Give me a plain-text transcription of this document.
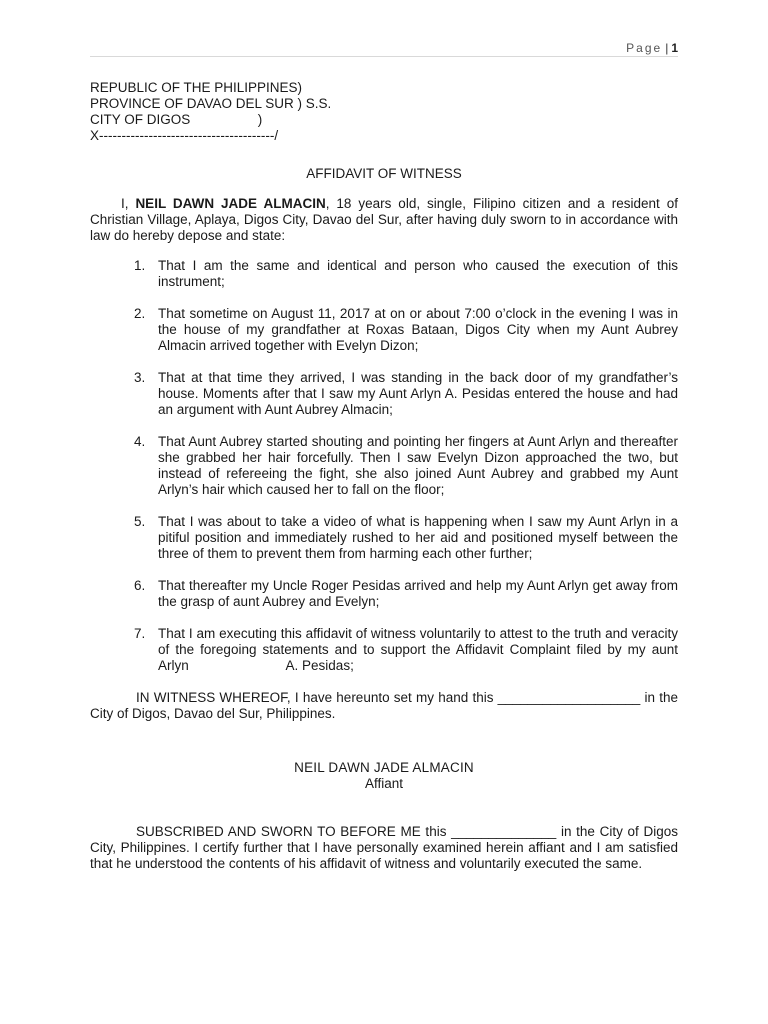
Page | 1
REPUBLIC OF THE PHILIPPINES)
PROVINCE OF DAVAO DEL SUR ) S.S.
CITY OF DIGOS                  )
X---------------------------------------/
AFFIDAVIT OF WITNESS
I, NEIL DAWN JADE ALMACIN, 18 years old, single, Filipino citizen and a resident of Christian Village, Aplaya, Digos City, Davao del Sur, after having duly sworn to in accordance with law do hereby depose and state:
1. That I am the same and identical and person who caused the execution of this instrument;
2. That sometime on August 11, 2017 at on or about 7:00 o’clock in the evening I was in the house of my grandfather at Roxas Bataan, Digos City when my Aunt Aubrey Almacin arrived together with Evelyn Dizon;
3. That at that time they arrived, I was standing in the back door of my grandfather’s house. Moments after that I saw my Aunt Arlyn A. Pesidas entered the house and had an argument with Aunt Aubrey Almacin;
4. That Aunt Aubrey started shouting and pointing her fingers at Aunt Arlyn and thereafter she grabbed her hair forcefully. Then I saw Evelyn Dizon approached the two, but instead of refereeing the fight, she also joined Aunt Aubrey and grabbed my Aunt Arlyn’s hair which caused her to fall on the floor;
5. That I was about to take a video of what is happening when I saw my Aunt Arlyn in a pitiful position and immediately rushed to her aid and positioned myself between the three of them to prevent them from harming each other further;
6. That thereafter my Uncle Roger Pesidas arrived and help my Aunt Arlyn get away from the grasp of aunt Aubrey and Evelyn;
7. That I am executing this affidavit of witness voluntarily to attest to the truth and veracity of the foregoing statements and to support the Affidavit Complaint filed by my aunt Arlyn                          A. Pesidas;
IN WITNESS WHEREOF, I have hereunto set my hand this ___________________ in the City of Digos, Davao del Sur, Philippines.
NEIL DAWN JADE ALMACIN
Affiant
SUBSCRIBED AND SWORN TO BEFORE ME this ______________ in the City of Digos City, Philippines. I certify further that I have personally examined herein affiant and I am satisfied that he understood the contents of his affidavit of witness and voluntarily executed the same.
